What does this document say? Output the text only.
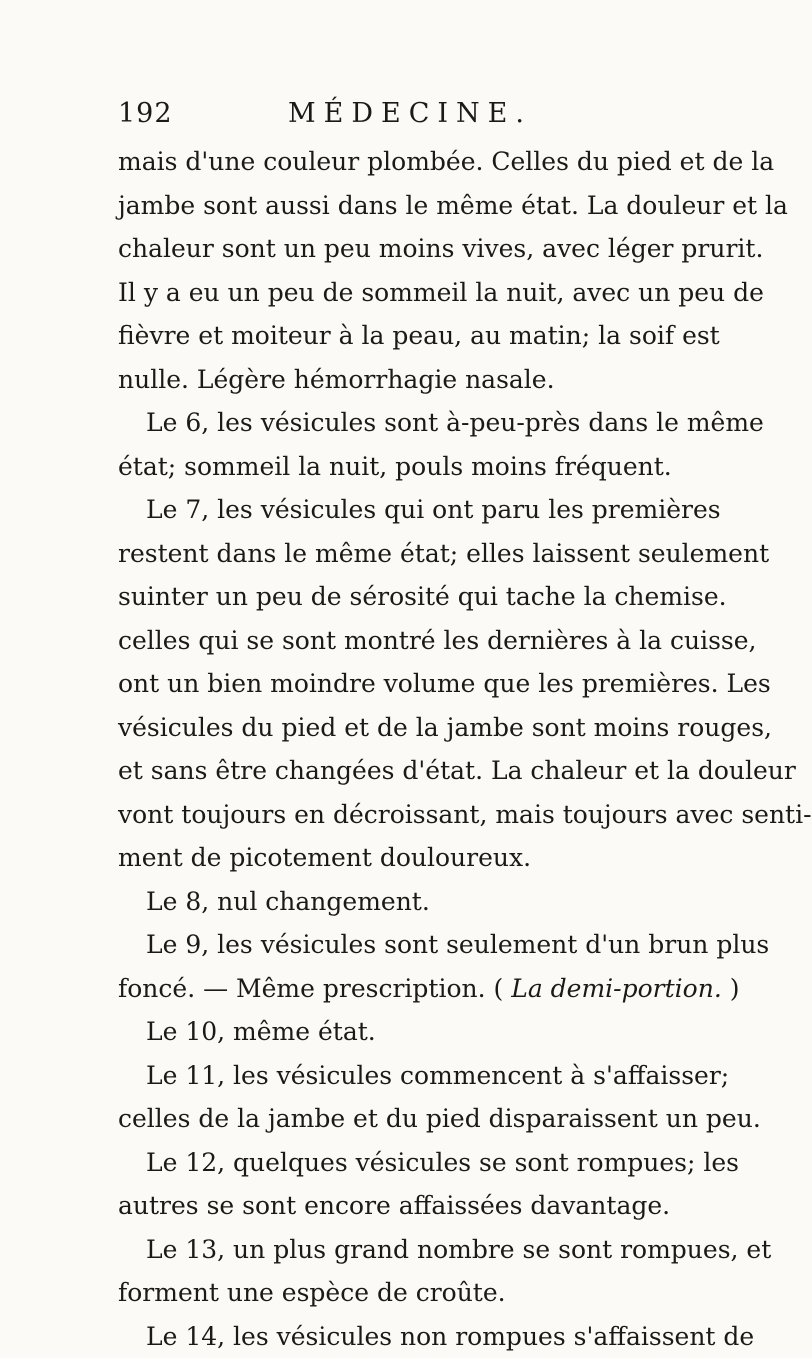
192	MÉDECINE.
mais d'une couleur plombée. Celles du pied et de la
jambe sont aussi dans le même état. La douleur et la
chaleur sont un peu moins vives, avec léger prurit.
Il y a eu un peu de sommeil la nuit, avec un peu de
fièvre et moiteur à la peau, au matin; la soif est
nulle. Légère hémorrhagie nasale.
Le 6, les vésicules sont à-peu-près dans le même
état; sommeil la nuit, pouls moins fréquent.
Le 7, les vésicules qui ont paru les premières
restent dans le même état; elles laissent seulement
suinter un peu de sérosité qui tache la chemise.
celles qui se sont montré les dernières à la cuisse,
ont un bien moindre volume que les premières. Les
vésicules du pied et de la jambe sont moins rouges,
et sans être changées d'état. La chaleur et la douleur
vont toujours en décroissant, mais toujours avec senti-
ment de picotement douloureux.
Le 8, nul changement.
Le 9, les vésicules sont seulement d'un brun plus
foncé. — Même prescription. ( La demi-portion. )
Le 10, même état.
Le 11, les vésicules commencent à s'affaisser;
celles de la jambe et du pied disparaissent un peu.
Le 12, quelques vésicules se sont rompues; les
autres se sont encore affaissées davantage.
Le 13, un plus grand nombre se sont rompues, et
forment une espèce de croûte.
Le 14, les vésicules non rompues s'affaissent de
